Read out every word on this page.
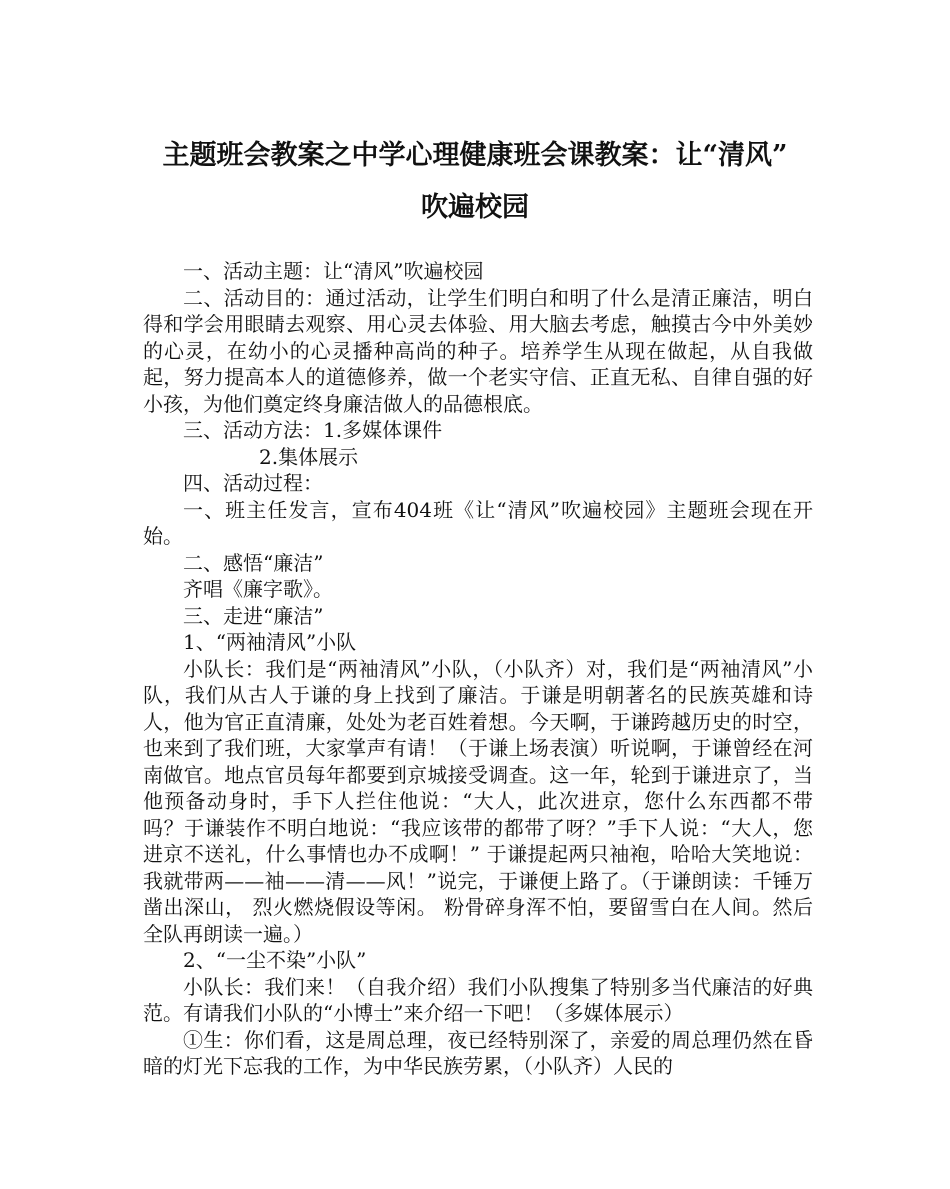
主题班会教案之中学心理健康班会课教案：让“清风”
吹遍校园

一、活动主题：让“清风”吹遍校园

二、活动目的：通过活动，让学生们明白和明了什么是清正廉洁，明白得和学会用眼睛去观察、用心灵去体验、用大脑去考虑，触摸古今中外美妙的心灵，在幼小的心灵播种高尚的种子。培养学生从现在做起，从自我做起，努力提高本人的道德修养，做一个老实守信、正直无私、自律自强的好小孩，为他们奠定终身廉洁做人的品德根底。

三、活动方法：1.多媒体课件

2.集体展示

四、活动过程：

一、班主任发言，宣布404班《让“清风”吹遍校园》主题班会现在开始。

二、感悟“廉洁”

齐唱《廉字歌》。

三、走进“廉洁”

1、“两袖清风”小队

小队长：我们是“两袖清风”小队，（小队齐）对，我们是“两袖清风”小队，我们从古人于谦的身上找到了廉洁。于谦是明朝著名的民族英雄和诗人，他为官正直清廉，处处为老百姓着想。今天啊，于谦跨越历史的时空，也来到了我们班，大家掌声有请！（于谦上场表演）听说啊，于谦曾经在河南做官。地点官员每年都要到京城接受调查。这一年，轮到于谦进京了，当他预备动身时，手下人拦住他说：“大人，此次进京，您什么东西都不带吗？于谦装作不明白地说：“我应该带的都带了呀？”手下人说：“大人，您进京不送礼，什么事情也办不成啊！” 于谦提起两只袖袍，哈哈大笑地说：我就带两——袖——清——风！”说完，于谦便上路了。（于谦朗读：千锤万凿出深山， 烈火燃烧假设等闲。 粉骨碎身浑不怕，要留雪白在人间。然后全队再朗读一遍。）

2、“一尘不染”小队”

小队长：我们来！（自我介绍）我们小队搜集了特别多当代廉洁的好典范。有请我们小队的“小博士”来介绍一下吧！（多媒体展示）

①生：你们看，这是周总理，夜已经特别深了，亲爱的周总理仍然在昏暗的灯光下忘我的工作，为中华民族劳累，（小队齐）人民的
